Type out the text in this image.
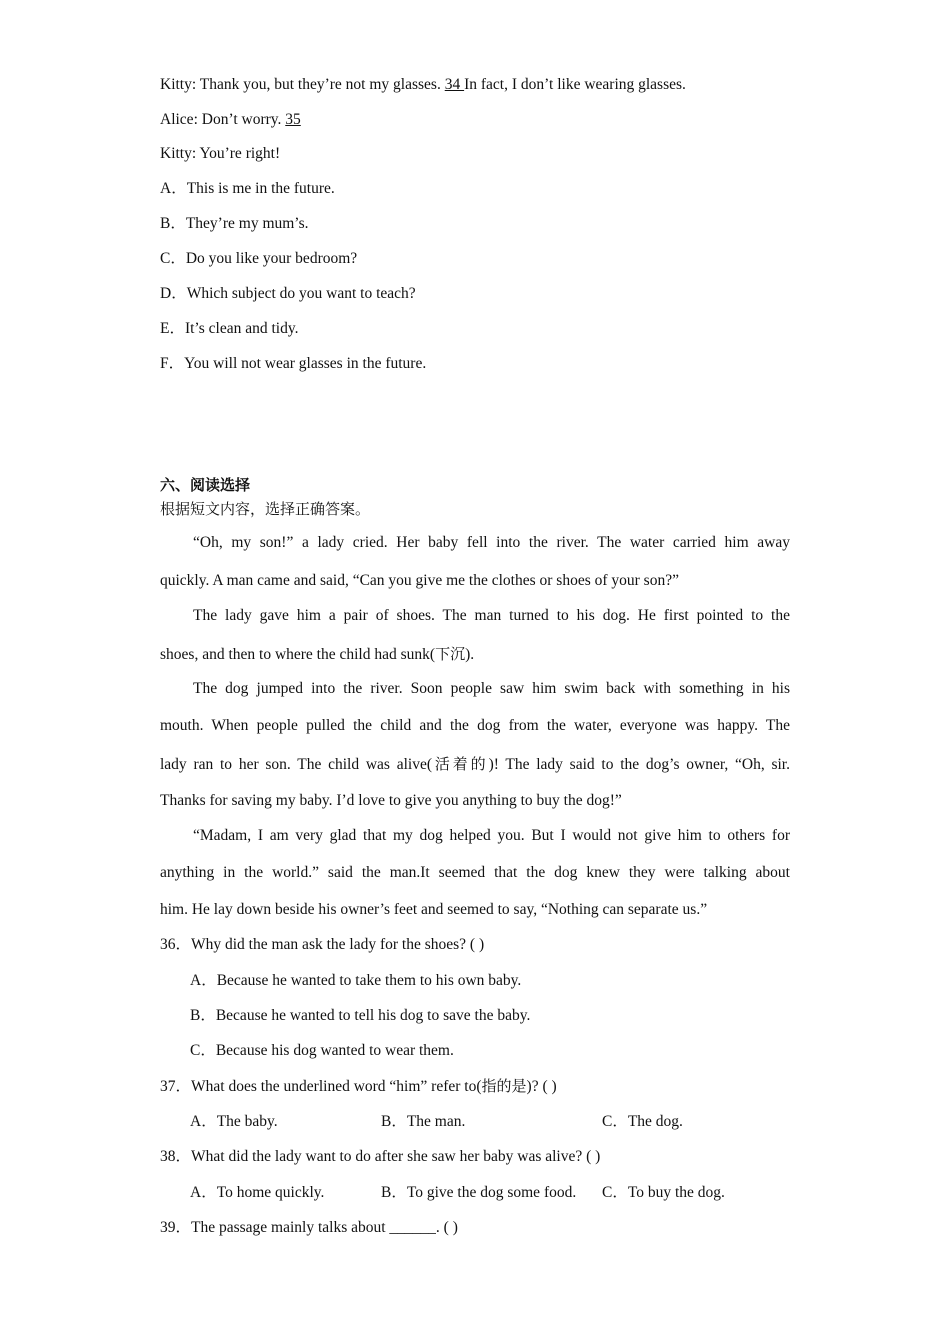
Kitty: Thank you, but they’re not my glasses. 34 In fact, I don’t like wearing glasses.
Alice: Don’t worry. 35
Kitty: You’re right!
A．This is me in the future.
B．They’re my mum’s.
C．Do you like your bedroom?
D．Which subject do you want to teach?
E．It’s clean and tidy.
F．You will not wear glasses in the future.
六、阅读选择
根据短文内容，选择正确答案。
“Oh, my son!” a lady cried. Her baby fell into the river. The water carried him away
quickly. A man came and said, “Can you give me the clothes or shoes of your son?”
The lady gave him a pair of shoes. The man turned to his dog. He first pointed to the
shoes, and then to where the child had sunk(下沉).
The dog jumped into the river. Soon people saw him swim back with something in his
mouth. When people pulled the child and the dog from the water, everyone was happy. The
lady ran to her son. The child was alive(活着的)! The lady said to the dog’s owner, “Oh, sir.
Thanks for saving my baby. I’d love to give you anything to buy the dog!”
“Madam, I am very glad that my dog helped you. But I would not give him to others for
anything in the world.” said the man.It seemed that the dog knew they were talking about
him. He lay down beside his owner’s feet and seemed to say, “Nothing can separate us.”
36．Why did the man ask the lady for the shoes? ( )
A．Because he wanted to take them to his own baby.
B．Because he wanted to tell his dog to save the baby.
C．Because his dog wanted to wear them.
37．What does the underlined word “him” refer to(指的是)? ( )
A．The baby.	B．The man.	C．The dog.
38．What did the lady want to do after she saw her baby was alive? ( )
A．To home quickly.	B．To give the dog some food. C．To buy the dog.
39．The passage mainly talks about ______. ( )
